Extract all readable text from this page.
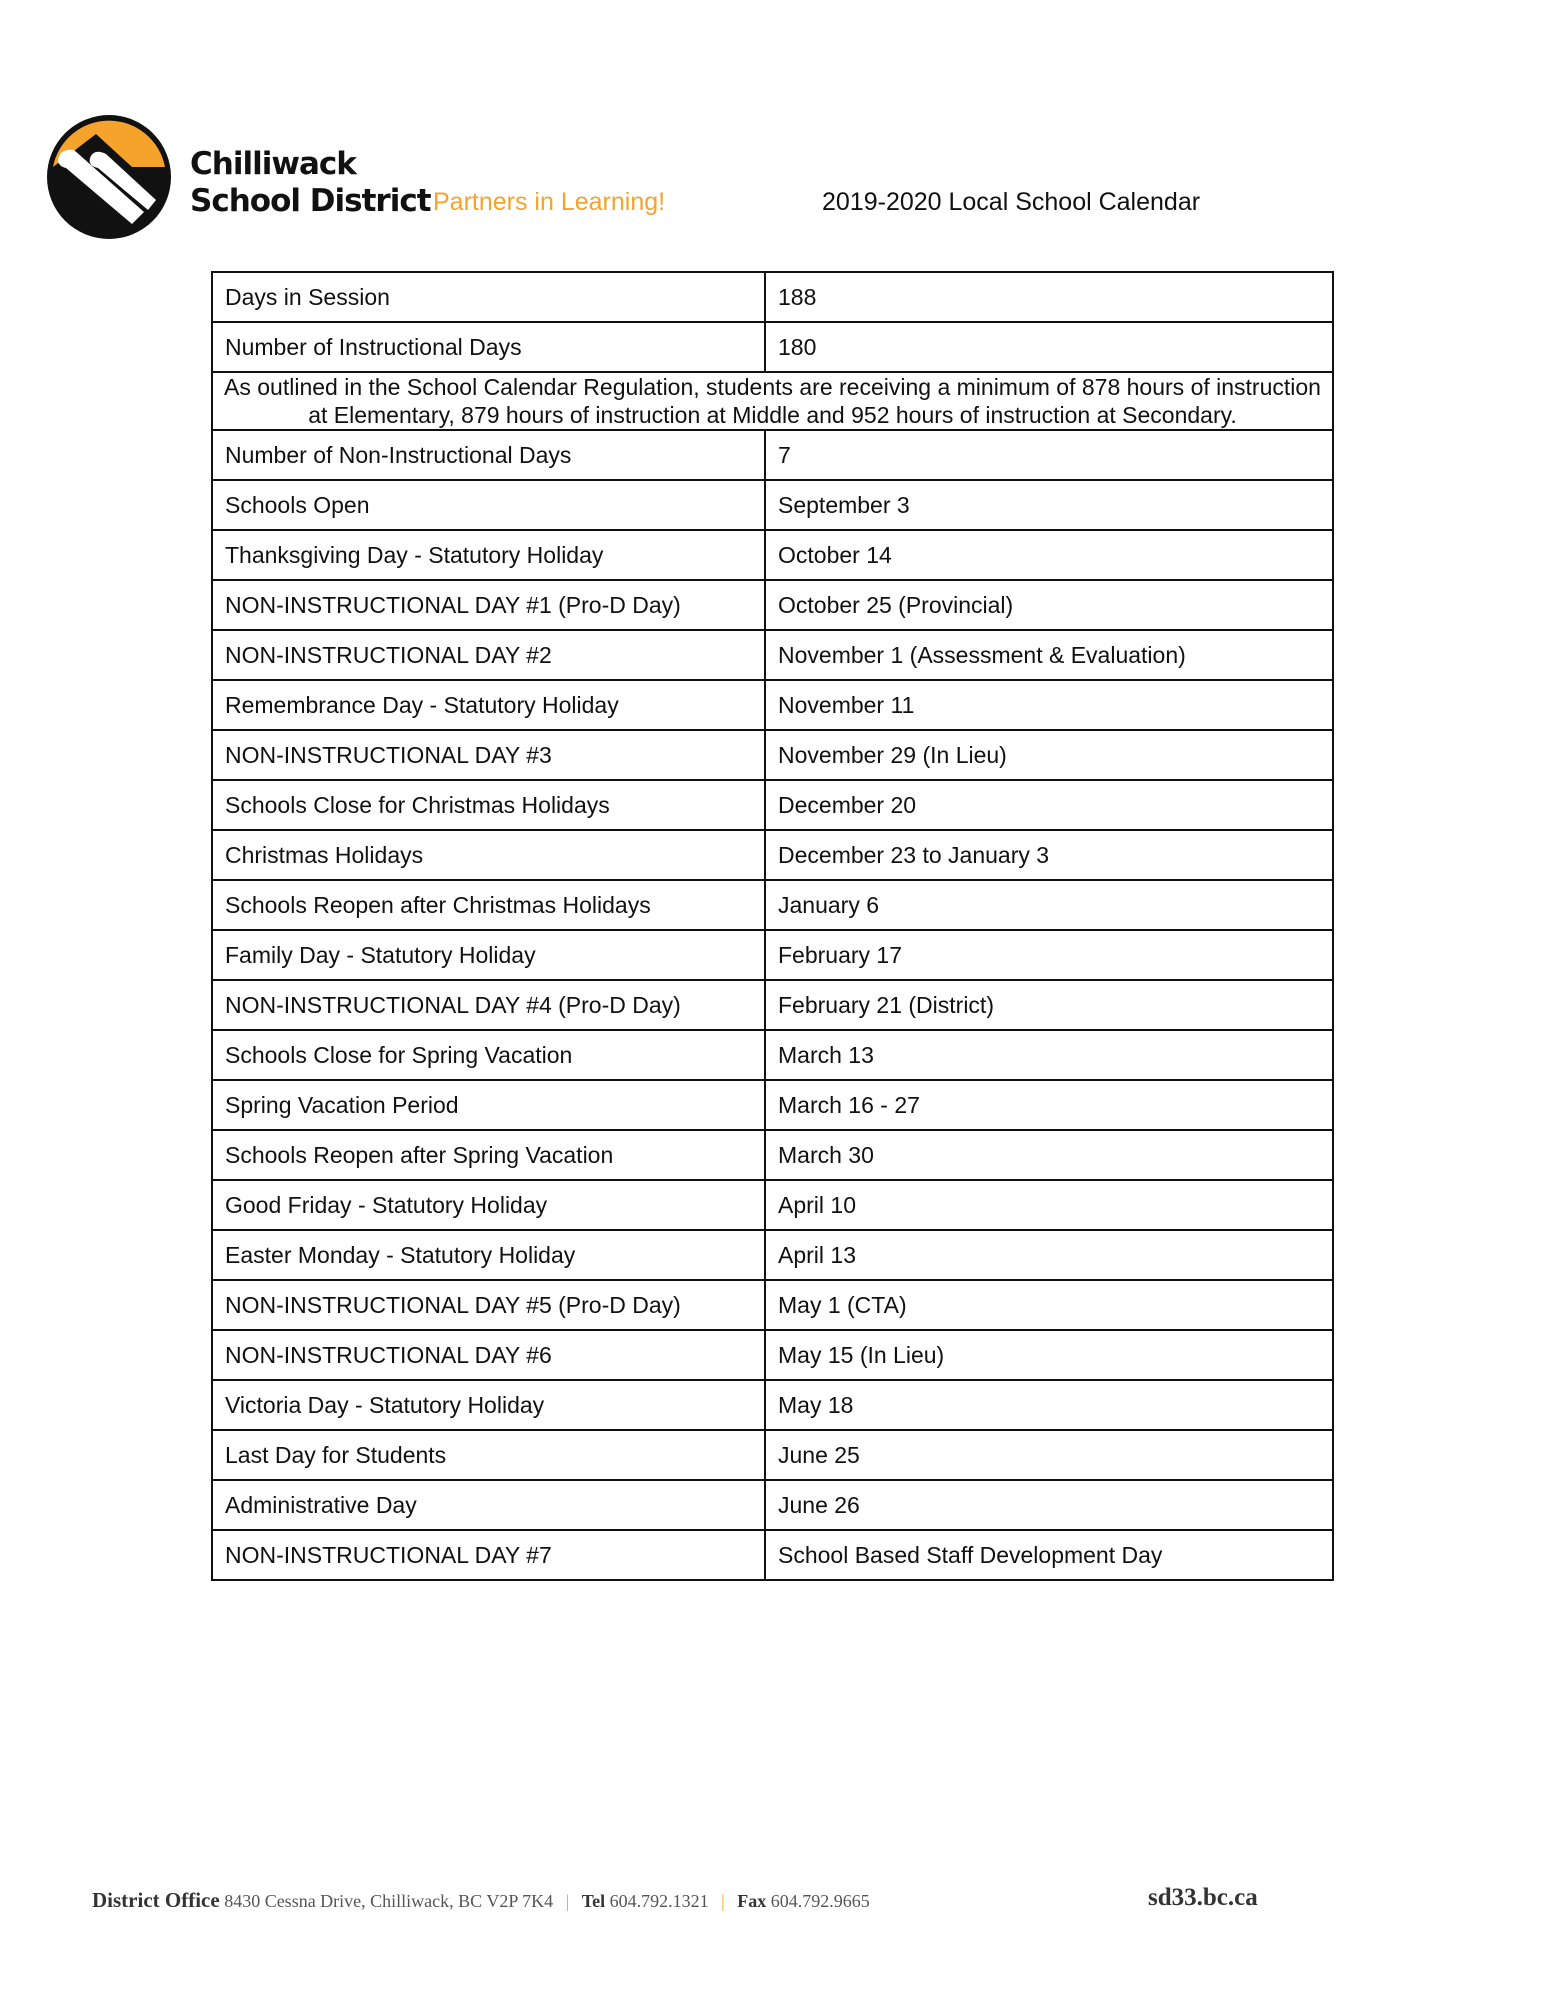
Chilliwack
School District Partners in Learning!	2019-2020 Local School Calendar
Days in Session	188
Number of Instructional Days	180
As outlined in the School Calendar Regulation, students are receiving a minimum of 878 hours of instruction at Elementary, 879 hours of instruction at Middle and 952 hours of instruction at Secondary.	
Number of Non-Instructional Days	7
Schools Open	September 3
Thanksgiving Day - Statutory Holiday	October 14
NON-INSTRUCTIONAL DAY #1 (Pro-D Day)	October 25 (Provincial)
NON-INSTRUCTIONAL DAY #2	November 1 (Assessment & Evaluation)
Remembrance Day - Statutory Holiday	November 11
NON-INSTRUCTIONAL DAY #3	November 29 (In Lieu)
Schools Close for Christmas Holidays	December 20
Christmas Holidays	December 23 to January 3
Schools Reopen after Christmas Holidays	January 6
Family Day - Statutory Holiday	February 17
NON-INSTRUCTIONAL DAY #4 (Pro-D Day)	February 21 (District)
Schools Close for Spring Vacation	March 13
Spring Vacation Period	March 16 - 27
Schools Reopen after Spring Vacation	March 30
Good Friday - Statutory Holiday	April 10
Easter Monday - Statutory Holiday	April 13
NON-INSTRUCTIONAL DAY #5 (Pro-D Day)	May 1 (CTA)
NON-INSTRUCTIONAL DAY #6	May 15 (In Lieu)
Victoria Day - Statutory Holiday	May 18
Last Day for Students	June 25
Administrative Day	June 26
NON-INSTRUCTIONAL DAY #7	School Based Staff Development Day
District Office 8430 Cessna Drive, Chilliwack, BC V2P 7K4 | Tel 604.792.1321 | Fax 604.792.9665	sd33.bc.ca
